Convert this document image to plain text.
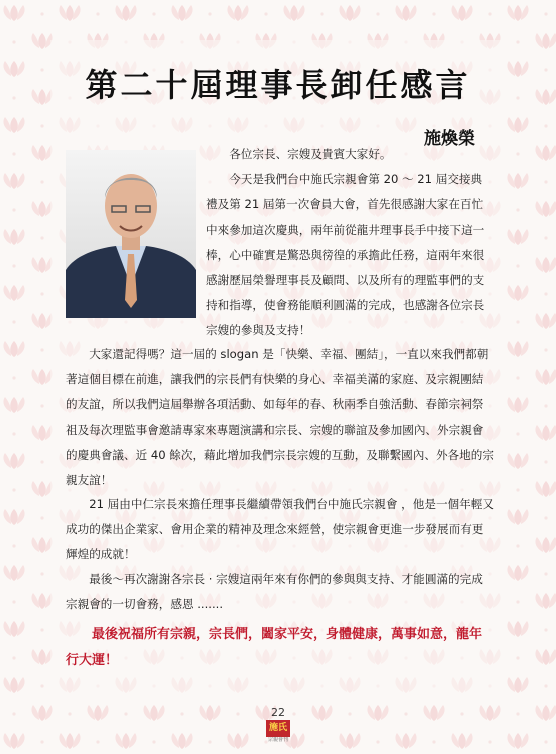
第二十屆理事長卸任感言
施煥榮
各位宗長、宗嫂及貴賓大家好。
今天是我們台中施氏宗親會第 20 ～ 21 屆交接典禮及第 21 屆第一次會員大會，首先很感謝大家在百忙中來參加這次慶典，兩年前從龍井理事長手中接下這一棒，心中確實是驚恐與徬徨的承擔此任務，這兩年來很感謝歷屆榮譽理事長及顧問、以及所有的理監事們的支持和指導，使會務能順利圓滿的完成，也感謝各位宗長宗嫂的參與及支持！
大家還記得嗎？這一屆的 slogan 是「快樂、幸福、團結」，一直以來我們都朝著這個目標在前進，讓我們的宗長們有快樂的身心、幸福美滿的家庭、及宗親團結的友誼，所以我們這屆舉辦各項活動、如每年的春、秋兩季自強活動、春節宗祠祭祖及每次理監事會邀請專家來專題演講和宗長、宗嫂的聯誼及參加國內、外宗親會的慶典會議、近 40 餘次，藉此增加我們宗長宗嫂的互動，及聯繫國內、外各地的宗親友誼！
21 屆由中仁宗長來擔任理事長繼續帶領我們台中施氏宗親會 ，他是一個年輕又成功的傑出企業家、會用企業的精神及理念來經營，使宗親會更進一步發展而有更輝煌的成就！
最後～再次謝謝各宗長 · 宗嫂這兩年來有你們的參與與支持、才能圓滿的完成宗親會的一切會務，感恩 .......
最後祝福所有宗親，宗長們，闔家平安，身體健康，萬事如意，龍年行大運！
22
施氏
宗親會刊
